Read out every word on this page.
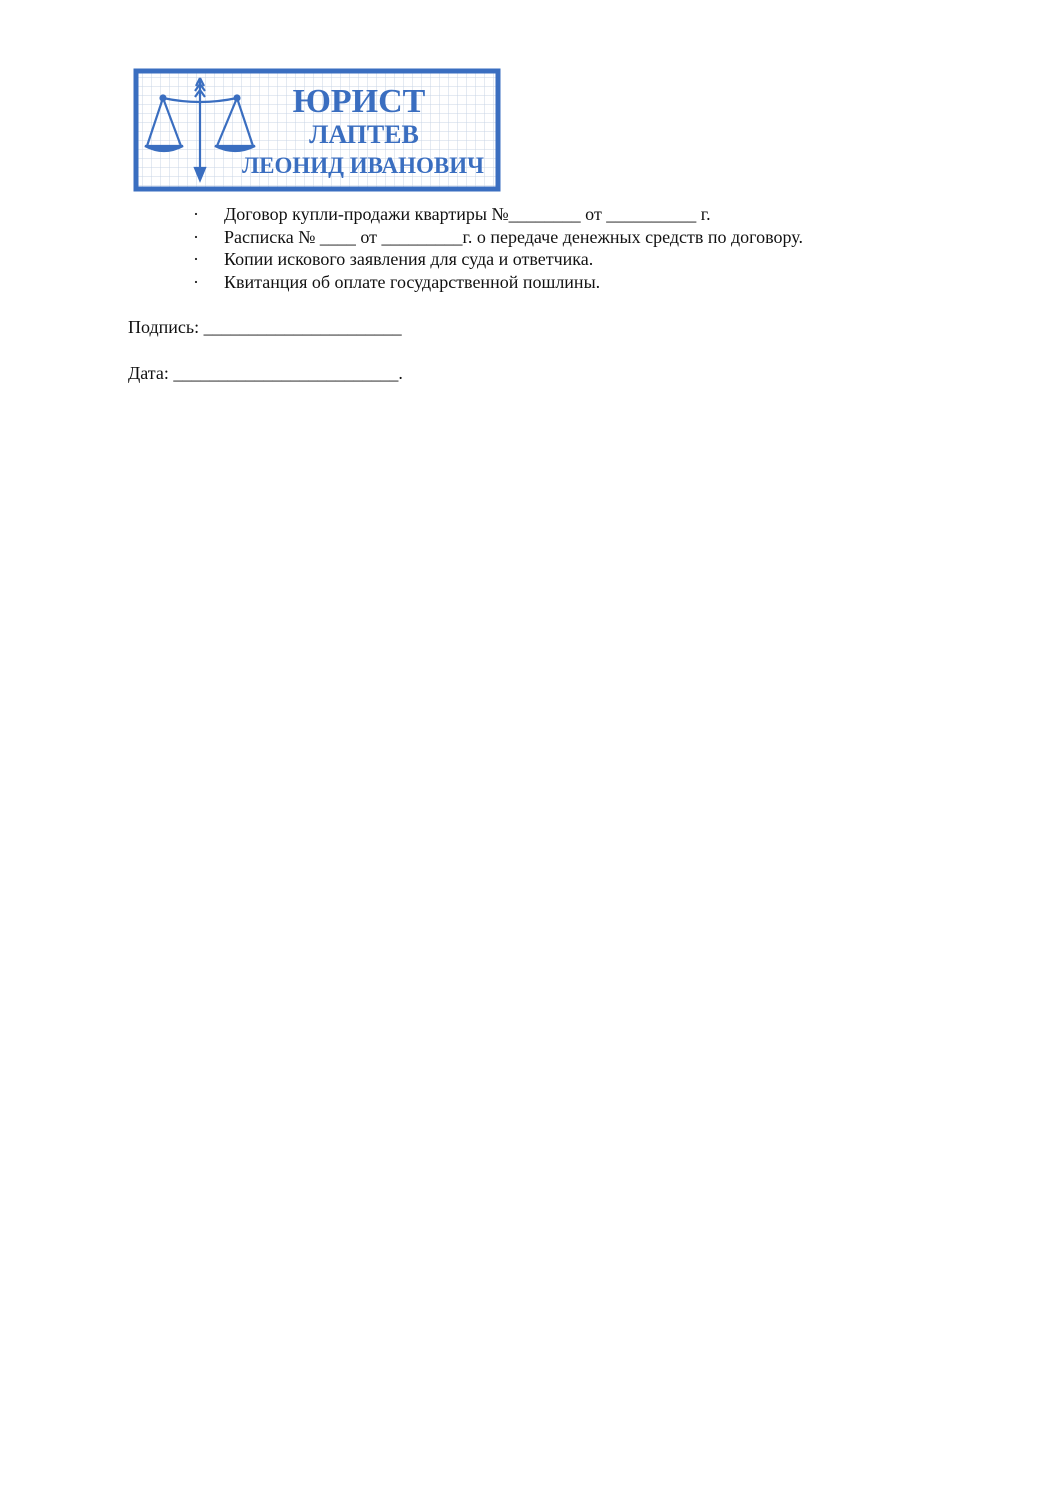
ЮРИСТ
ЛАПТЕВ
ЛЕОНИД ИВАНОВИЧ
· Договор купли-продажи квартиры №________ от __________ г.
· Расписка № ____ от _________г. о передаче денежных средств по договору.
· Копии искового заявления для суда и ответчика.
· Квитанция об оплате государственной пошлины.
Подпись: ______________________
Дата: _________________________.
